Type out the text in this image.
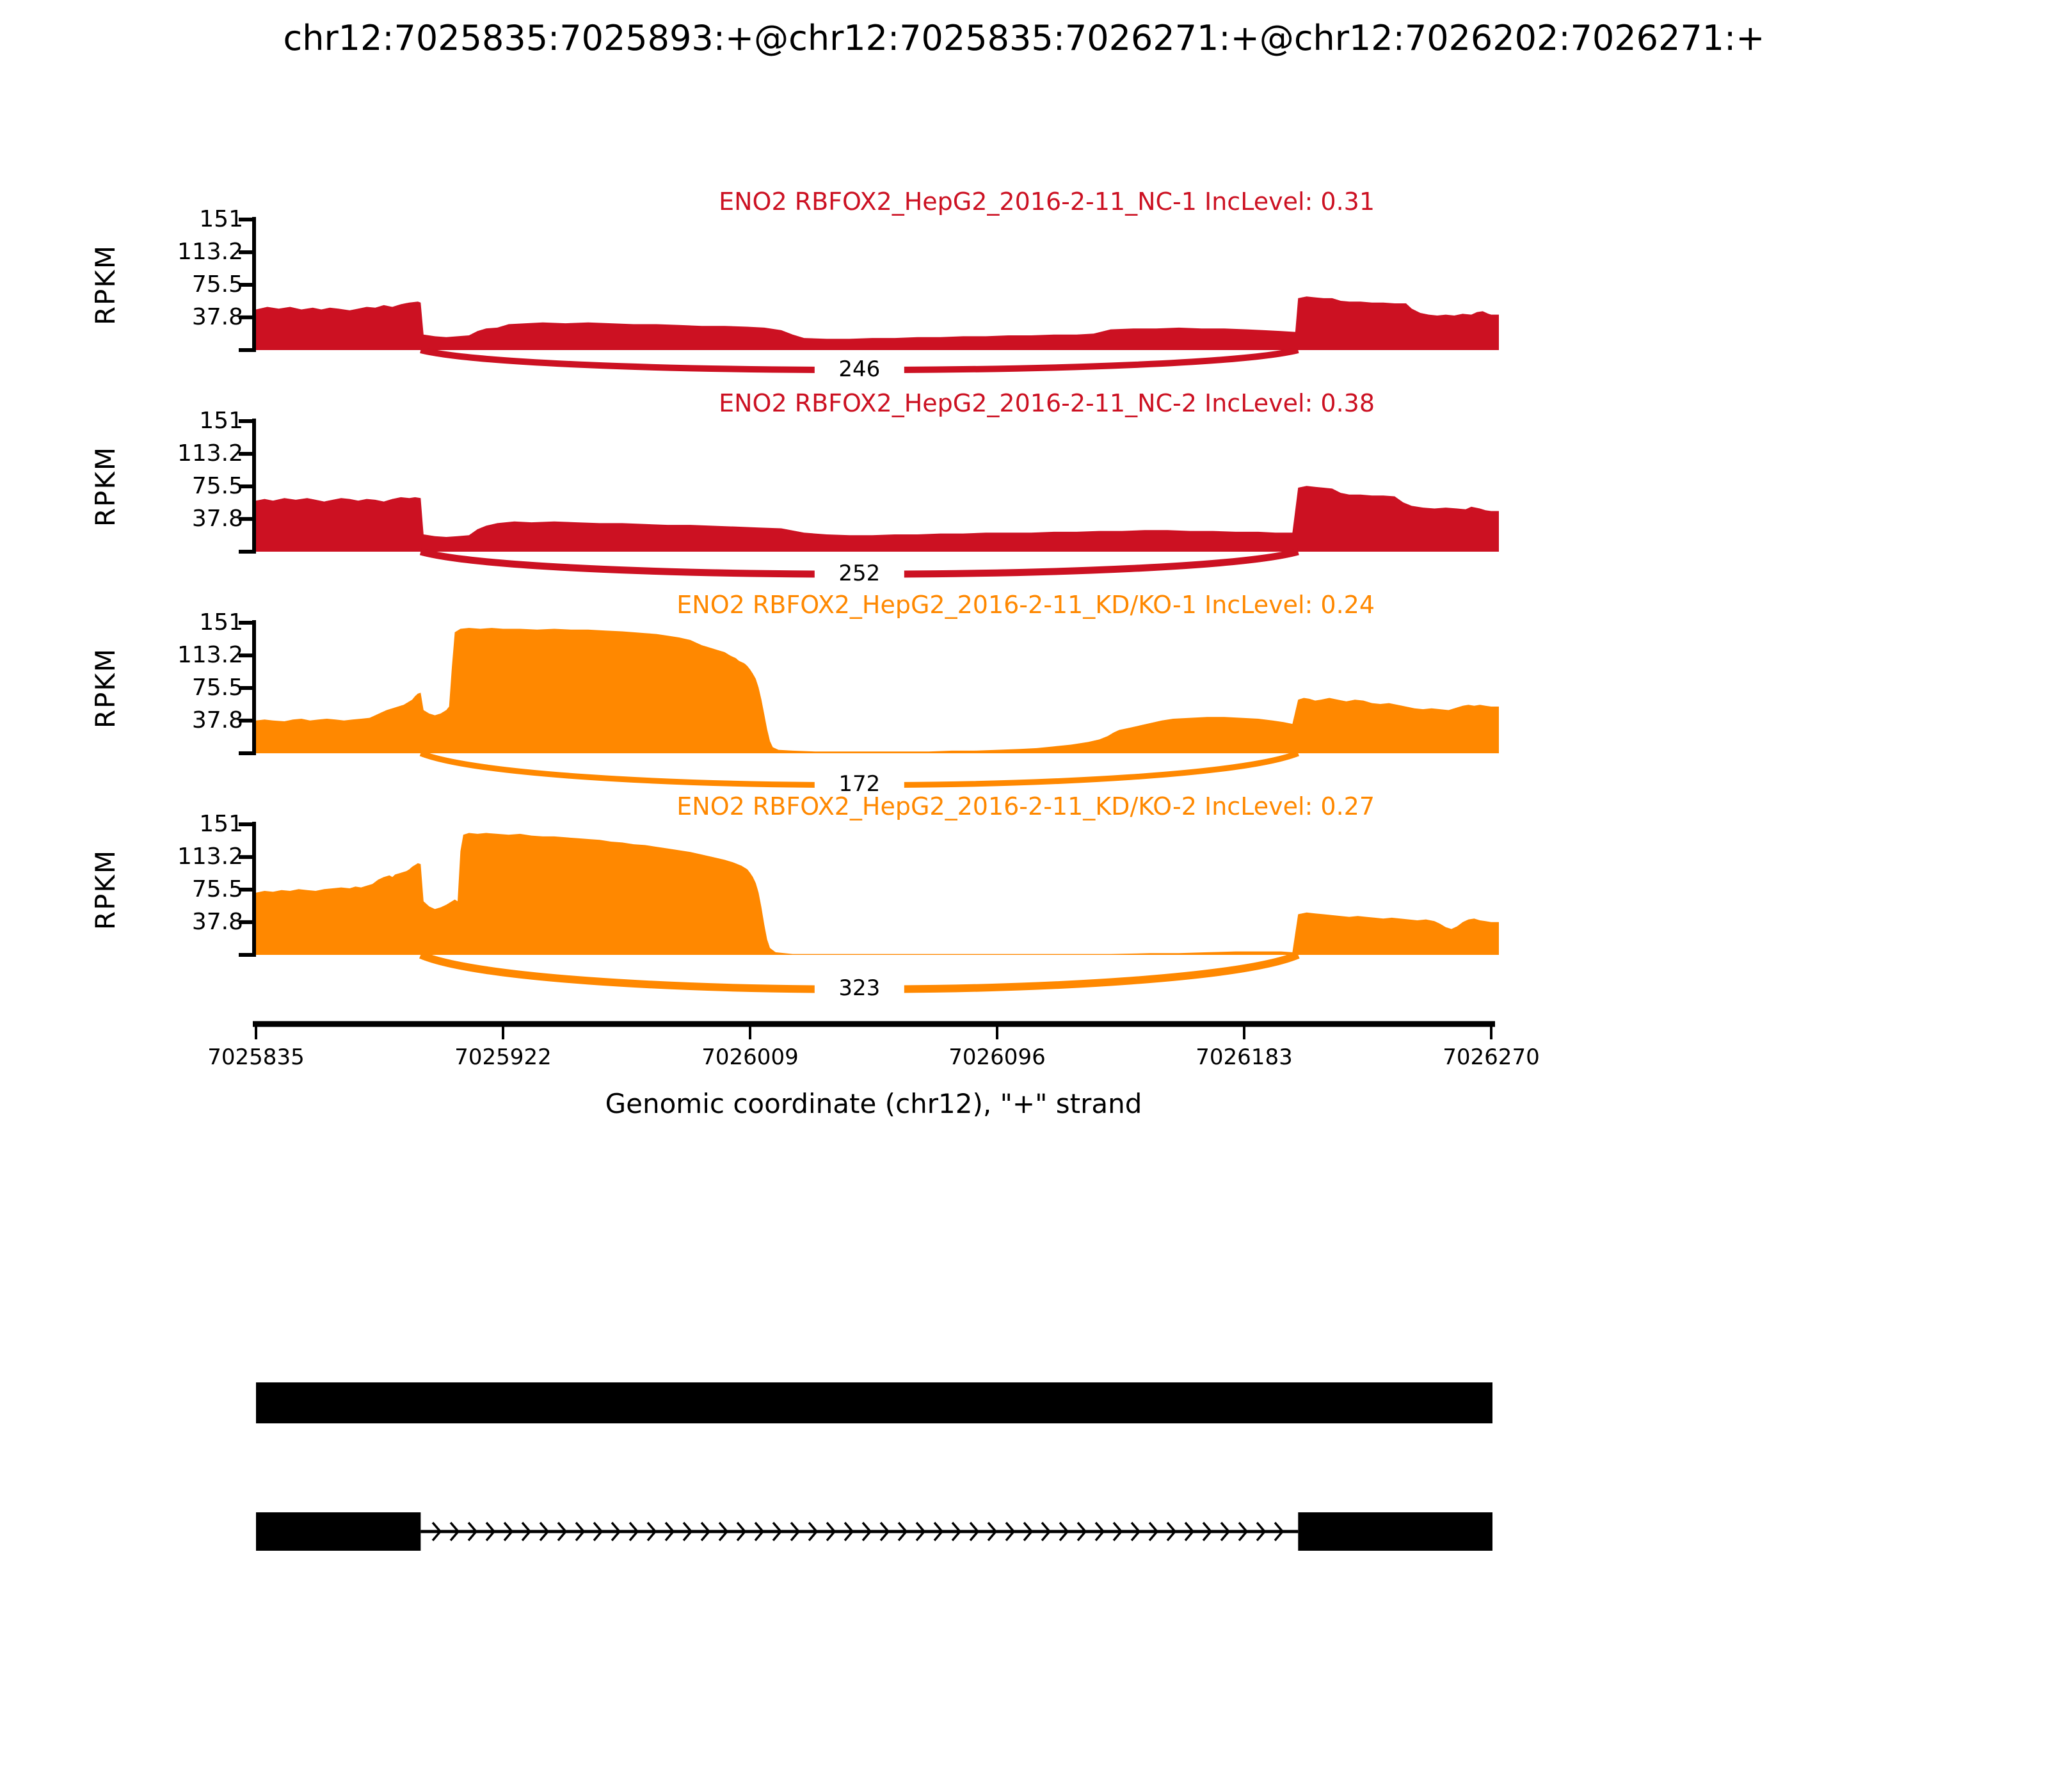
chr12:7025835:7025893:+@chr12:7025835:7026271:+@chr12:7026202:7026271:+
Genomic coordinate (chr12), "+" strand
ENO2 RBFOX2_HepG2_2016-2-11_NC-1 IncLevel: 0.31
246
RPKM
151
113.2
75.5
37.8
ENO2 RBFOX2_HepG2_2016-2-11_NC-2 IncLevel: 0.38
252
RPKM
151
113.2
75.5
37.8
ENO2 RBFOX2_HepG2_2016-2-11_KD/KO-1 IncLevel: 0.24
172
RPKM
151
113.2
75.5
37.8
ENO2 RBFOX2_HepG2_2016-2-11_KD/KO-2 IncLevel: 0.27
323
RPKM
151
113.2
75.5
37.8
7025835	7025922	7026009	7026096	7026183	7026270
